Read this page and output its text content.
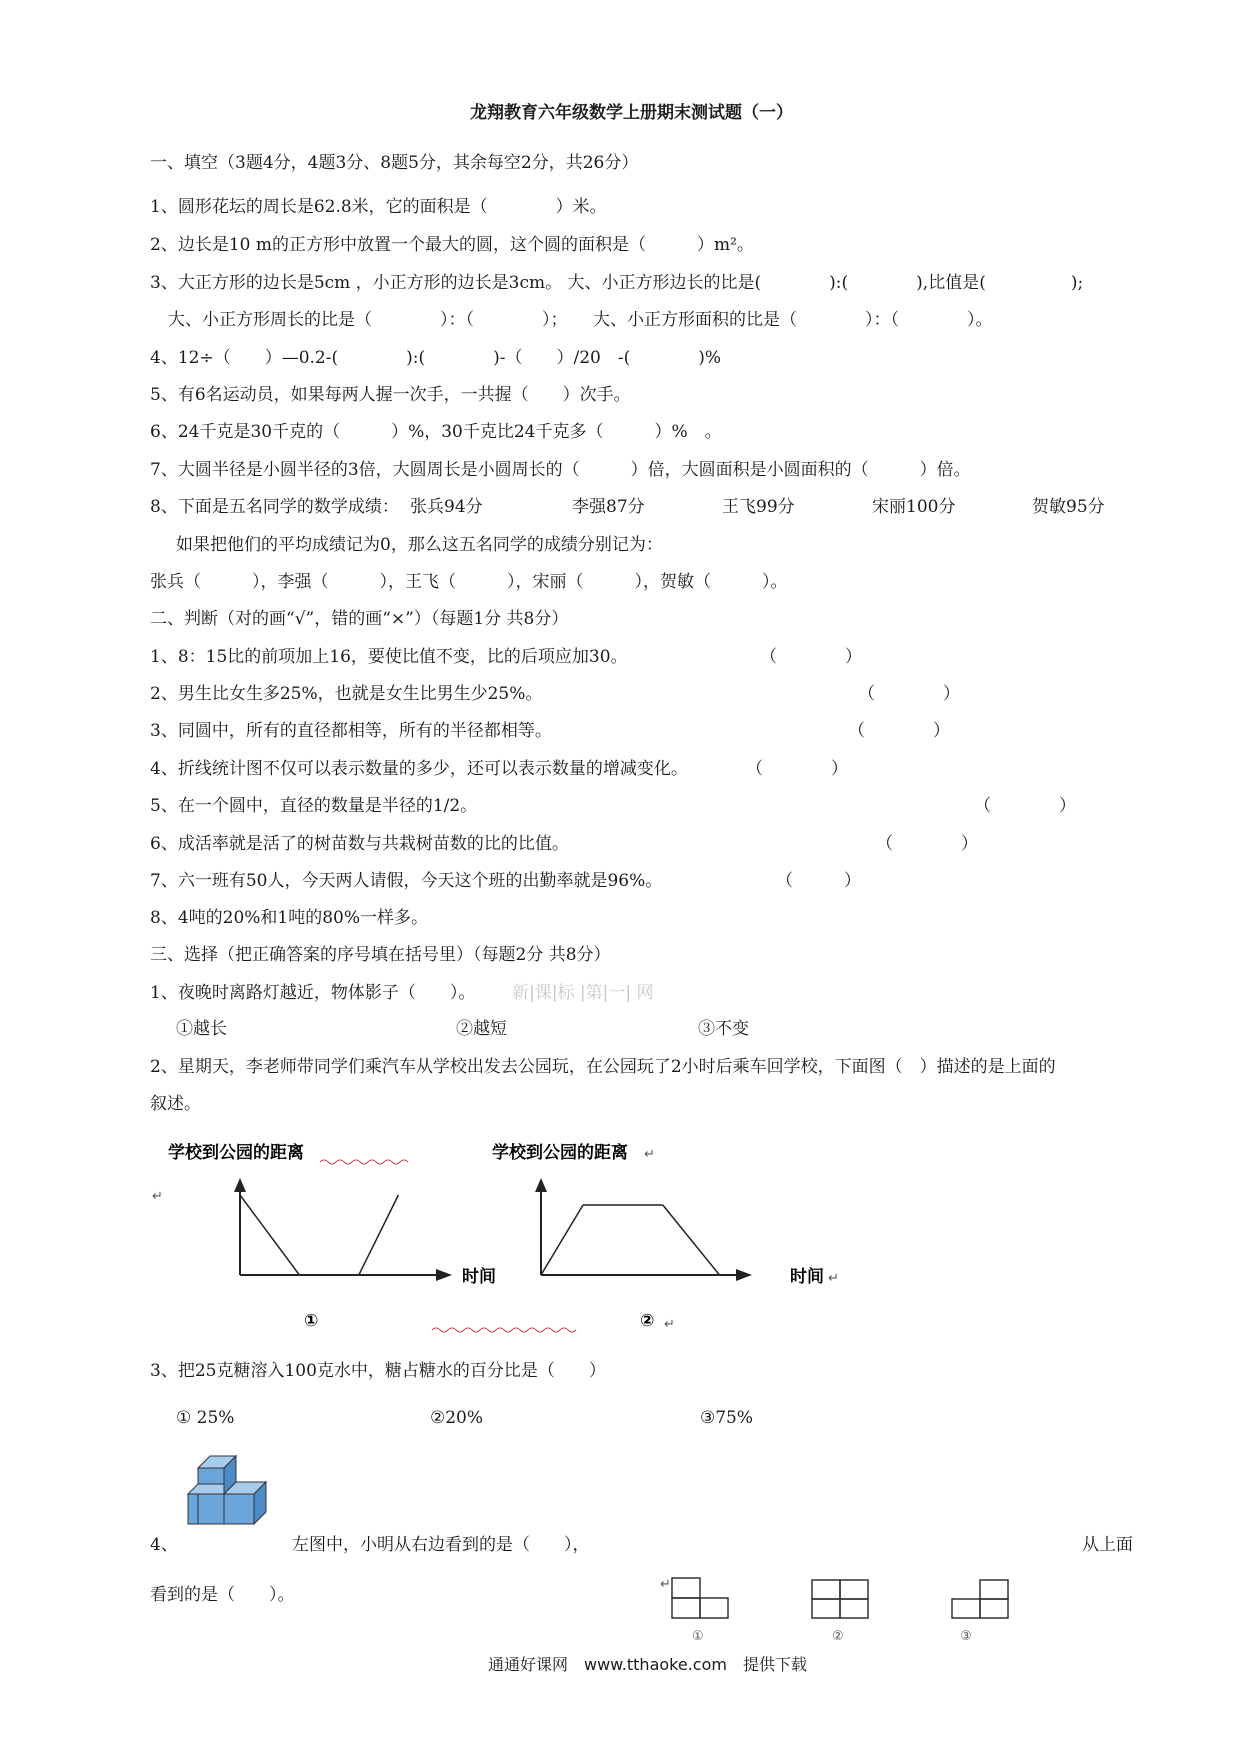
龙翔教育六年级数学上册期末测试题（一）
一、填空（3题4分，4题3分、8题5分，其余每空2分，共26分）
1、圆形花坛的周长是62.8米，它的面积是（　　　　）米。
2、边长是10 m的正方形中放置一个最大的圆，这个圆的面积是（　　　）m²。
3、大正方形的边长是5cm ，小正方形的边长是3cm。 大、小正方形边长的比是(　　　　):(　　　　),比值是(　　　　　);
大、小正方形周长的比是（　　　　）：（　　　　）；　　大、小正方形面积的比是（　　　　）：（　　　　）。
4、12÷（　　）—0.2-(　　　　):(　　　　)-（　　）/20　-(　　　　)%
5、有6名运动员，如果每两人握一次手，一共握（　　）次手。
6、24千克是30千克的（　　　）%，30千克比24千克多（　　　）%　。
7、大圆半径是小圆半径的3倍，大圆周长是小圆周长的（　　　）倍，大圆面积是小圆面积的（　　　）倍。
8、下面是五名同学的数学成绩： 张兵94分	李强87分	王飞99分	宋丽100分	贺敏95分
如果把他们的平均成绩记为0，那么这五名同学的成绩分别记为：
张兵（　　　），李强（　　　），王飞（　　　），宋丽（　　　），贺敏（　　　）。
二、判断（对的画“√”，错的画“×”）（每题1分 共8分）
1、8：15比的前项加上16，要使比值不变，比的后项应加30。	（　　　　）
2、男生比女生多25%，也就是女生比男生少25%。	（　　　　）
3、同圆中，所有的直径都相等，所有的半径都相等。	（　　　　）
4、折线统计图不仅可以表示数量的多少，还可以表示数量的增减变化。	（　　　　）
5、在一个圆中，直径的数量是半径的1/2。	（　　　　）
6、成活率就是活了的树苗数与共栽树苗数的比的比值。	（　　　　）
7、六一班有50人，今天两人请假，今天这个班的出勤率就是96%。	（　　　）
8、4吨的20%和1吨的80%一样多。
三、选择（把正确答案的序号填在括号里）（每题2分 共8分）
1、夜晚时离路灯越近，物体影子（　　）。 新|课|标 |第|一| 网
①越长	②越短	③不变
2、星期天，李老师带同学们乘汽车从学校出发去公园玩，在公园玩了2小时后乘车回学校，下面图（　）描述的是上面的
叙述。
学校到公园的距离
↵
时间
①
学校到公园的距离 ↵
时间 ↵
② ↵
↵
①	②	③
3、把25克糖溶入100克水中，糖占糖水的百分比是（　　）
① 25%	②20%	③75%
4、	左图中，小明从右边看到的是（　　），	从上面
看到的是（　　）。
通通好课网　www.tthaoke.com　提供下载
